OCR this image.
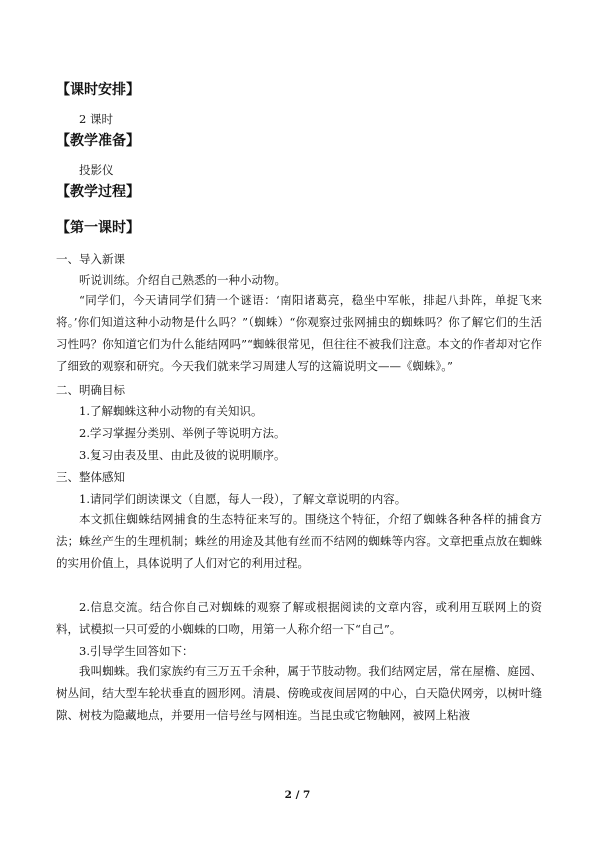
【课时安排】
2 课时
【教学准备】
投影仪
【教学过程】
【第一课时】
一、导入新课
听说训练。介绍自己熟悉的一种小动物。

“同学们，今天请同学们猜一个谜语：‘南阳诸葛亮，稳坐中军帐，排起八卦阵，单捉飞来将。’你们知道这种小动物是什么吗？”（蜘蛛）“你观察过张网捕虫的蜘蛛吗？你了解它们的生活习性吗？你知道它们为什么能结网吗”“蜘蛛很常见，但往往不被我们注意。本文的作者却对它作了细致的观察和研究。今天我们就来学习周建人写的这篇说明文——《蜘蛛》。”

二、明确目标
1.了解蜘蛛这种小动物的有关知识。
2.学习掌握分类别、举例子等说明方法。
3.复习由表及里、由此及彼的说明顺序。
三、整体感知
1.请同学们朗读课文（自愿，每人一段），了解文章说明的内容。

本文抓住蜘蛛结网捕食的生态特征来写的。围绕这个特征，介绍了蜘蛛各种各样的捕食方法；蛛丝产生的生理机制；蛛丝的用途及其他有丝而不结网的蜘蛛等内容。文章把重点放在蜘蛛的实用价值上，具体说明了人们对它的利用过程。

2.信息交流。结合你自己对蜘蛛的观察了解或根据阅读的文章内容，或利用互联网上的资料，试模拟一只可爱的小蜘蛛的口吻，用第一人称介绍一下“自己”。

3.引导学生回答如下：

我叫蜘蛛。我们家族约有三万五千余种，属于节肢动物。我们结网定居，常在屋檐、庭园、树丛间，结大型车轮状垂直的圆形网。清晨、傍晚或夜间居网的中心，白天隐伏网旁，以树叶缝隙、树枝为隐藏地点，并要用一信号丝与网相连。当昆虫或它物触网，被网上粘液

2 / 7
